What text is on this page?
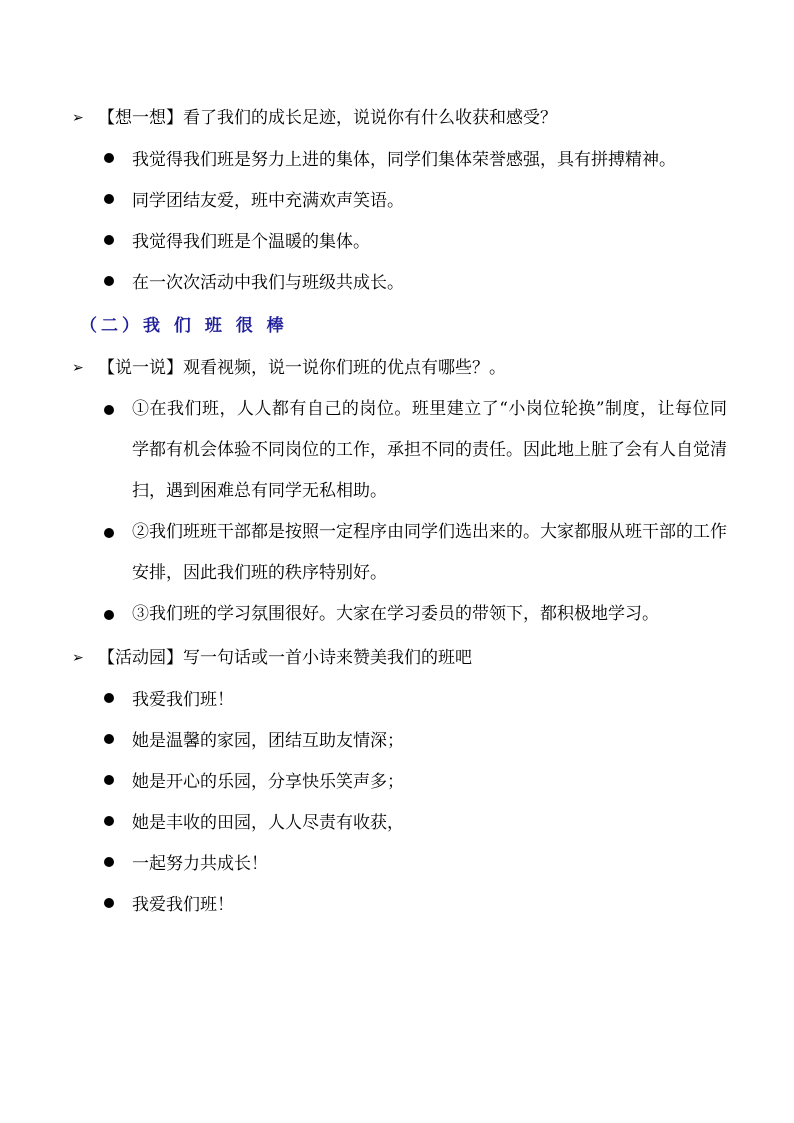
➢ 【想一想】看了我们的成长足迹，说说你有什么收获和感受？
我觉得我们班是努力上进的集体，同学们集体荣誉感强，具有拼搏精神。
同学团结友爱，班中充满欢声笑语。
我觉得我们班是个温暖的集体。
在一次次活动中我们与班级共成长。
（二）我 们 班 很 棒
➢ 【说一说】观看视频，说一说你们班的优点有哪些？。
①在我们班，人人都有自己的岗位。班里建立了“小岗位轮换”制度，让每位同学都有机会体验不同岗位的工作，承担不同的责任。因此地上脏了会有人自觉清扫，遇到困难总有同学无私相助。
②我们班班干部都是按照一定程序由同学们选出来的。大家都服从班干部的工作安排，因此我们班的秩序特别好。
③我们班的学习氛围很好。大家在学习委员的带领下，都积极地学习。
➢ 【活动园】写一句话或一首小诗来赞美我们的班吧
我爱我们班！
她是温馨的家园，团结互助友情深；
她是开心的乐园，分享快乐笑声多；
她是丰收的田园，人人尽责有收获，
一起努力共成长！
我爱我们班！
